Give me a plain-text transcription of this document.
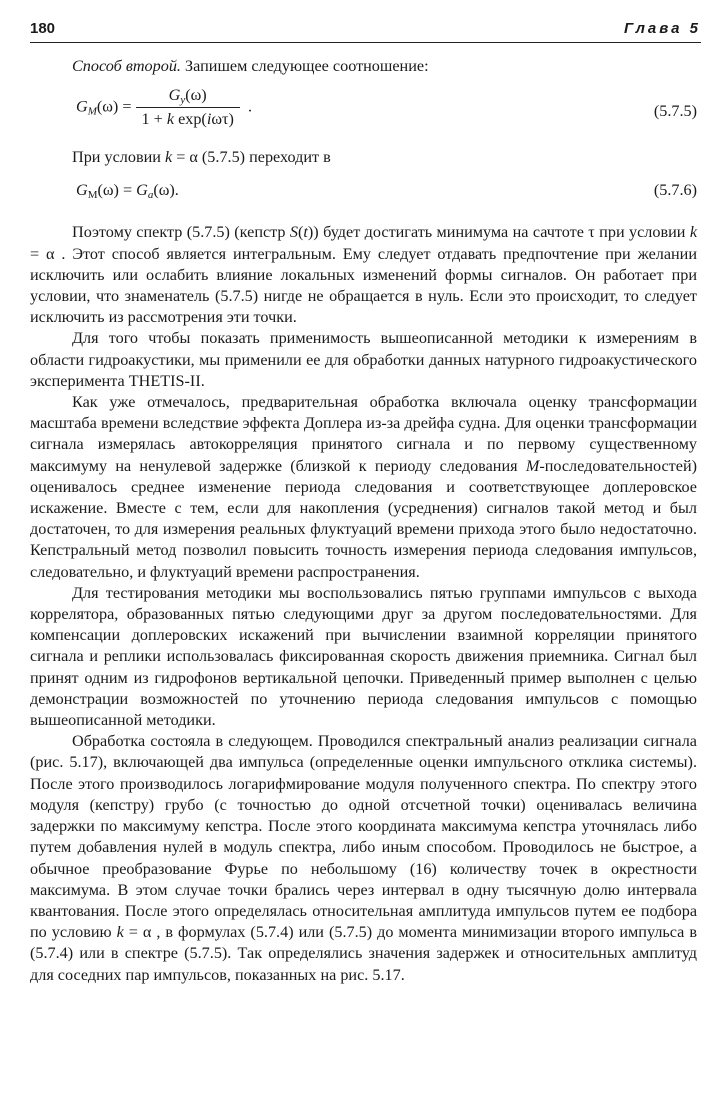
180	Глава 5

Способ второй. Запишем следующее соотношение:

$G_M(\omega) = \frac{G_y(\omega)}{\text{1 + k exp(iωτ)}}$ .	(5.7.5)

При условии k = α (5.7.5) переходит в

$G_M(\omega) = G_a(\omega)$.	(5.7.6)

Поэтому спектр (5.7.5) (кепстр S(t)) будет достигать минимума на сачтоте τ при условии k = α . Этот способ является интегральным. Ему следует отдавать предпочтение при желании исключить или ослабить влияние локальных изменений формы сигналов. Он работает при условии, что знаменатель (5.7.5) нигде не обращается в нуль. Если это происходит, то следует исключить из рассмотрения эти точки.

Для того чтобы показать применимость вышеописанной методики к измерениям в области гидроакустики, мы применили ее для обработки данных натурного гидроакустического эксперимента THETIS-II.

Как уже отмечалось, предварительная обработка включала оценку трансформации масштаба времени вследствие эффекта Доплера из-за дрейфа судна. Для оценки трансформации сигнала измерялась автокорреляция принятого сигнала и по первому существенному максимуму на ненулевой задержке (близкой к периоду следования М-последовательностей) оценивалось среднее изменение периода следования и соответствующее доплеровское искажение. Вместе с тем, если для накопления (усреднения) сигналов такой метод и был достаточен, то для измерения реальных флуктуаций времени прихода этого было недостаточно. Кепстральный метод позволил повысить точность измерения периода следования импульсов, следовательно, и флуктуаций времени распространения.

Для тестирования методики мы воспользовались пятью группами импульсов с выхода коррелятора, образованных пятью следующими друг за другом последовательностями. Для компенсации доплеровских искажений при вычислении взаимной корреляции принятого сигнала и реплики использовалась фиксированная скорость движения приемника. Сигнал был принят одним из гидрофонов вертикальной цепочки. Приведенный пример выполнен с целью демонстрации возможностей по уточнению периода следования импульсов с помощью вышеописанной методики.

Обработка состояла в следующем. Проводился спектральный анализ реализации сигнала (рис. 5.17), включающей два импульса (определенные оценки импульсного отклика системы). После этого производилось логарифмирование модуля полученного спектра. По спектру этого модуля (кепстру) грубо (с точностью до одной отсчетной точки) оценивалась величина задержки по максимуму кепстра. После этого координата максимума кепстра уточнялась либо путем добавления нулей в модуль спектра, либо иным способом. Проводилось не быстрое, а обычное преобразование Фурье по небольшому (16) количеству точек в окрестности максимума. В этом случае точки брались через интервал в одну тысячную долю интервала квантования. После этого определялась относительная амплитуда импульсов путем ее подбора по условию k = α , в формулах (5.7.4) или (5.7.5) до момента минимизации второго импульса в (5.7.4) или в спектре (5.7.5). Так определялись значения задержек и относительных амплитуд для соседних пар импульсов, показанных на рис. 5.17.
